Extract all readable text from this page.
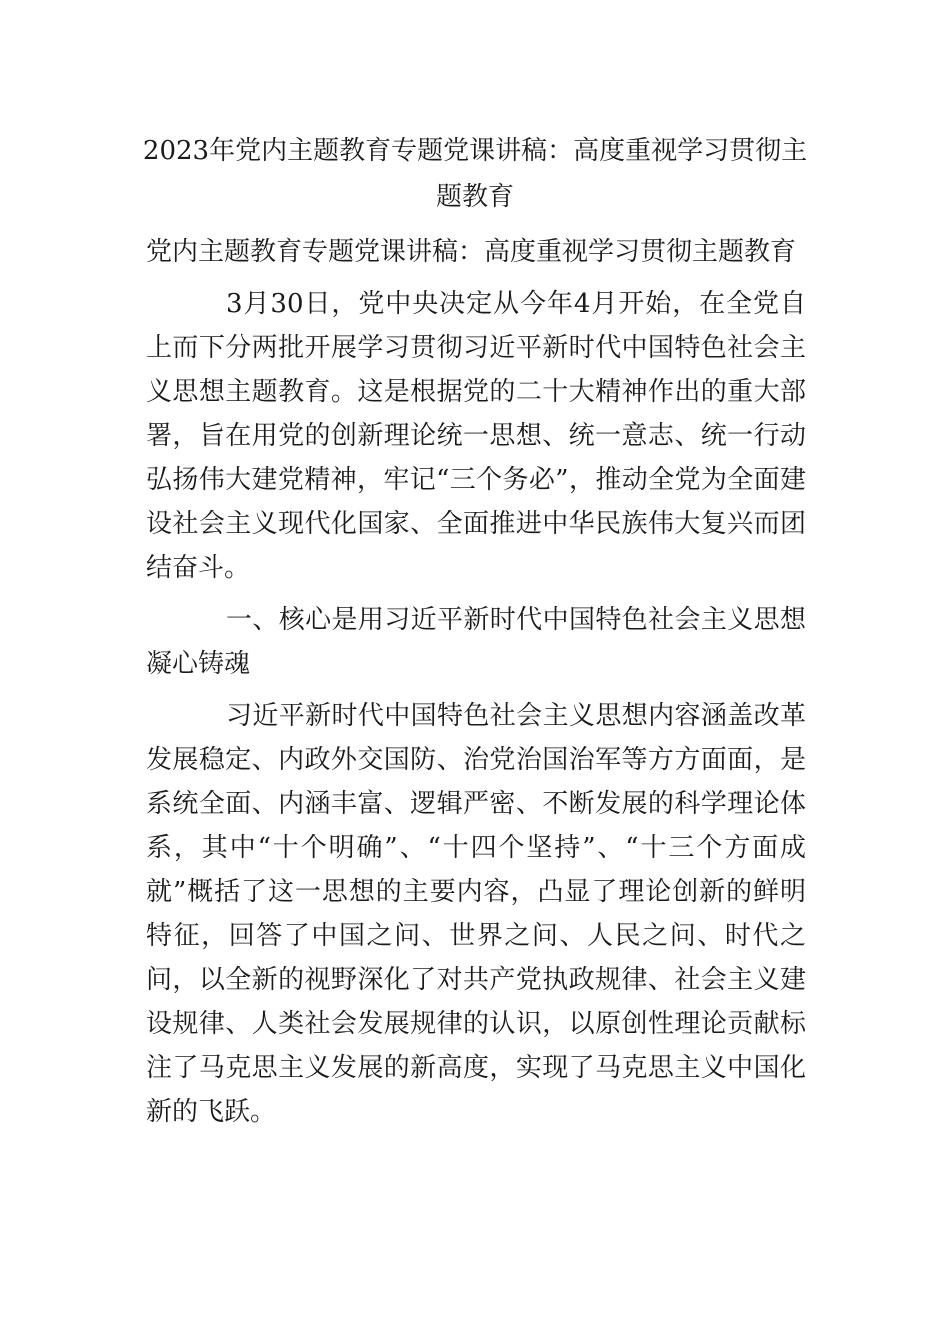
2023年党内主题教育专题党课讲稿：高度重视学习贯彻主题教育

党内主题教育专题党课讲稿：高度重视学习贯彻主题教育

3月30日，党中央决定从今年4月开始，在全党自上而下分两批开展学习贯彻习近平新时代中国特色社会主义思想主题教育。这是根据党的二十大精神作出的重大部署，旨在用党的创新理论统一思想、统一意志、统一行动弘扬伟大建党精神，牢记“三个务必”，推动全党为全面建设社会主义现代化国家、全面推进中华民族伟大复兴而团结奋斗。

一、核心是用习近平新时代中国特色社会主义思想凝心铸魂

习近平新时代中国特色社会主义思想内容涵盖改革发展稳定、内政外交国防、治党治国治军等方方面面，是系统全面、内涵丰富、逻辑严密、不断发展的科学理论体系，其中“十个明确”、“十四个坚持”、“十三个方面成就”概括了这一思想的主要内容，凸显了理论创新的鲜明特征，回答了中国之问、世界之问、人民之问、时代之问，以全新的视野深化了对共产党执政规律、社会主义建设规律、人类社会发展规律的认识，以原创性理论贡献标注了马克思主义发展的新高度，实现了马克思主义中国化新的飞跃。
